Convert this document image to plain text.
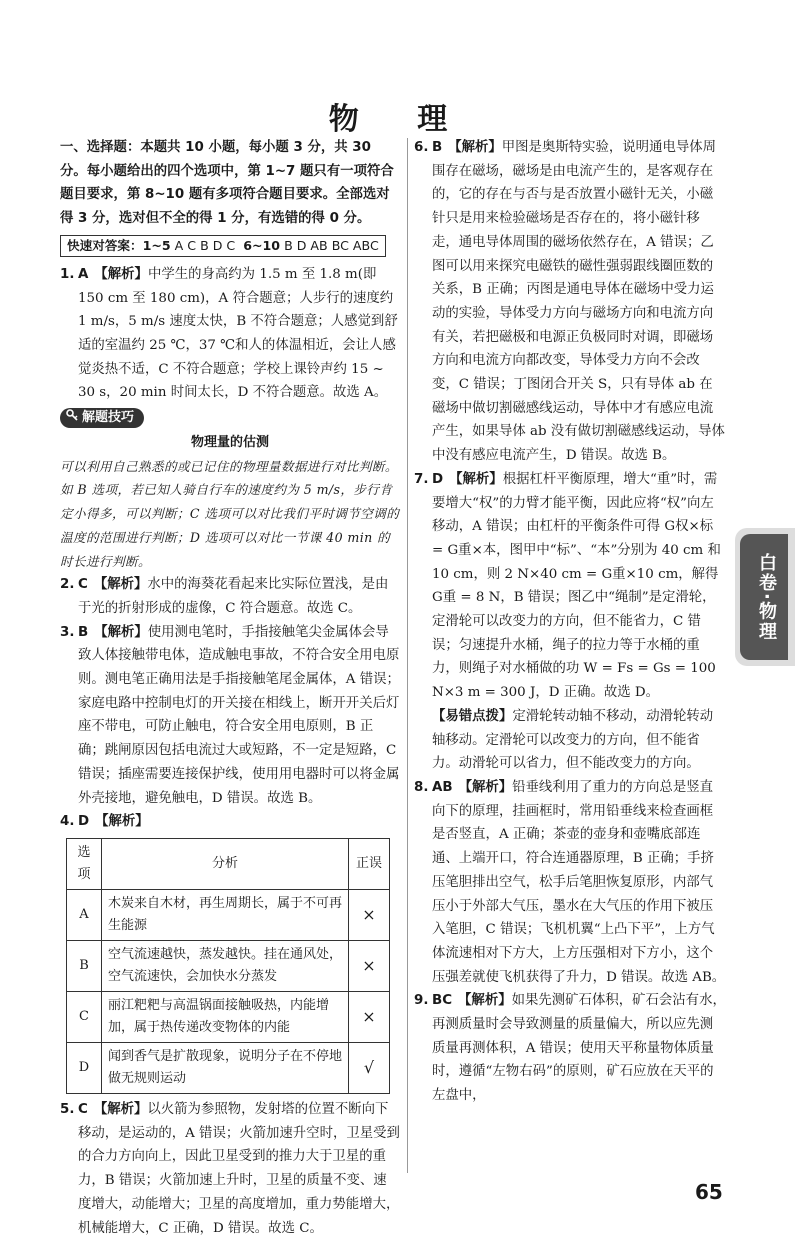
物 理
一、选择题：本题共 10 小题，每小题 3 分，共 30 分。每小题给出的四个选项中，第 1~7 题只有一项符合题目要求，第 8~10 题有多项符合题目要求。全部选对得 3 分，选对但不全的得 1 分，有选错的得 0 分。
快速对答案：1~5 A C B D C 6~10 B D AB BC ABC
1. A 【解析】中学生的身高约为 1.5 m 至 1.8 m(即 150 cm 至 180 cm)，A 符合题意；人步行的速度约 1 m/s，5 m/s 速度太快，B 不符合题意；人感觉到舒适的室温约 25 ℃，37 ℃和人的体温相近，会让人感觉炎热不适，C 不符合题意；学校上课铃声约 15 ~ 30 s，20 min 时间太长，D 不符合题意。故选 A。
解题技巧
物理量的估测
可以利用自己熟悉的或已记住的物理量数据进行对比判断。如 B 选项，若已知人骑自行车的速度约为 5 m/s，步行肯定小得多，可以判断；C 选项可以对比我们平时调节空调的温度的范围进行判断；D 选项可以对比一节课 40 min 的时长进行判断。
2. C 【解析】水中的海葵花看起来比实际位置浅，是由于光的折射形成的虚像，C 符合题意。故选 C。
3. B 【解析】使用测电笔时，手指接触笔尖金属体会导致人体接触带电体，造成触电事故，不符合安全用电原则。测电笔正确用法是手指接触笔尾金属体，A 错误；家庭电路中控制电灯的开关接在相线上，断开开关后灯座不带电，可防止触电，符合安全用电原则，B 正确；跳闸原因包括电流过大或短路，不一定是短路，C 错误；插座需要连接保护线，使用用电器时可以将金属外壳接地，避免触电，D 错误。故选 B。
4. D 【解析】
选项	分析	正误
A	木炭来自木材，再生周期长，属于不可再生能源	×
B	空气流速越快，蒸发越快。挂在通风处，空气流速快，会加快水分蒸发	×
C	丽江粑粑与高温锅面接触吸热，内能增加，属于热传递改变物体的内能	×
D	闻到香气是扩散现象，说明分子在不停地做无规则运动	√
5. C 【解析】以火箭为参照物，发射塔的位置不断向下移动，是运动的，A 错误；火箭加速升空时，卫星受到的合力方向向上，因此卫星受到的推力大于卫星的重力，B 错误；火箭加速上升时，卫星的质量不变、速度增大，动能增大；卫星的高度增加，重力势能增大，机械能增大，C 正确，D 错误。故选 C。
6. B 【解析】甲图是奥斯特实验，说明通电导体周围存在磁场，磁场是由电流产生的，是客观存在的，它的存在与否与是否放置小磁针无关，小磁针只是用来检验磁场是否存在的，将小磁针移走，通电导体周围的磁场依然存在，A 错误；乙图可以用来探究电磁铁的磁性强弱跟线圈匝数的关系，B 正确；丙图是通电导体在磁场中受力运动的实验，导体受力方向与磁场方向和电流方向有关，若把磁极和电源正负极同时对调，即磁场方向和电流方向都改变，导体受力方向不会改变，C 错误；丁图闭合开关 S，只有导体 ab 在磁场中做切割磁感线运动，导体中才有感应电流产生，如果导体 ab 没有做切割磁感线运动，导体中没有感应电流产生，D 错误。故选 B。
7. D 【解析】根据杠杆平衡原理，增大“重”时，需要增大“权”的力臂才能平衡，因此应将“权”向左移动，A 错误；由杠杆的平衡条件可得 G权×标 = G重×本，图甲中“标”、“本”分别为 40 cm 和 10 cm，则 2 N×40 cm = G重×10 cm，解得 G重 = 8 N，B 错误；图乙中“绳制”是定滑轮，定滑轮可以改变力的方向，但不能省力，C 错误；匀速提升水桶，绳子的拉力等于水桶的重力，则绳子对水桶做的功 W = Fs = Gs = 100 N×3 m = 300 J，D 正确。故选 D。
【易错点拨】定滑轮转动轴不移动，动滑轮转动轴移动。定滑轮可以改变力的方向，但不能省力。动滑轮可以省力，但不能改变力的方向。
8. AB 【解析】铅垂线利用了重力的方向总是竖直向下的原理，挂画框时，常用铅垂线来检查画框是否竖直，A 正确；茶壶的壶身和壶嘴底部连通、上端开口，符合连通器原理，B 正确；手挤压笔胆排出空气，松手后笔胆恢复原形，内部气压小于外部大气压，墨水在大气压的作用下被压入笔胆，C 错误；飞机机翼“上凸下平”，上方气体流速相对下方大，上方压强相对下方小，这个压强差就使飞机获得了升力，D 错误。故选 AB。
9. BC 【解析】如果先测矿石体积，矿石会沾有水，再测质量时会导致测量的质量偏大，所以应先测质量再测体积，A 错误；使用天平称量物体质量时，遵循“左物右码”的原则，矿石应放在天平的左盘中，
白卷·物理
65
